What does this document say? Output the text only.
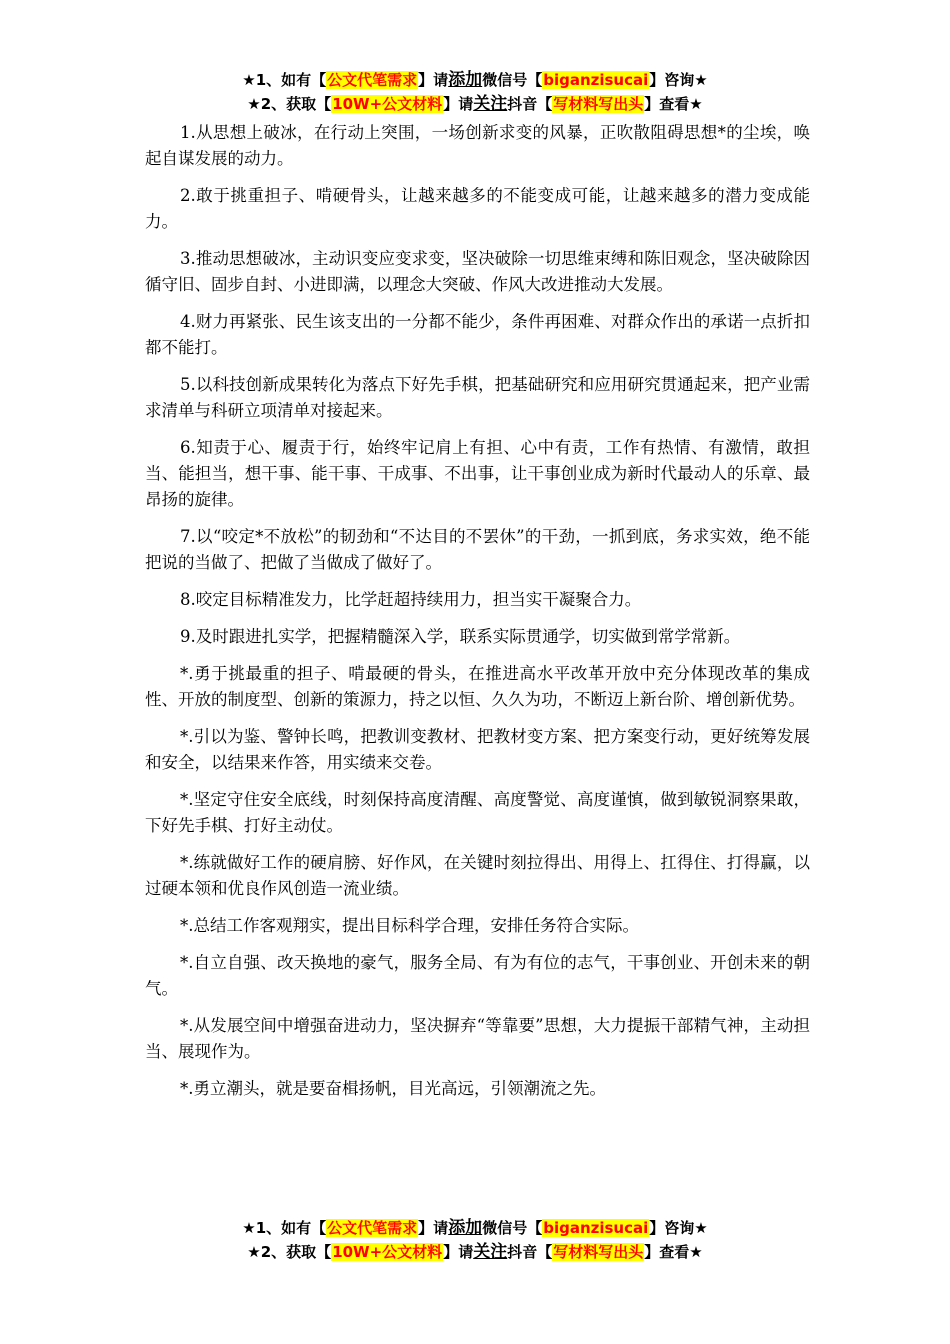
★1、如有【公文代笔需求】请添加微信号【biganzisucai】咨询★
★2、获取【10W+公文材料】请关注抖音【写材料写出头】查看★

1.从思想上破冰，在行动上突围，一场创新求变的风暴，正吹散阻碍思想*的尘埃，唤起自谋发展的动力。

2.敢于挑重担子、啃硬骨头，让越来越多的不能变成可能，让越来越多的潜力变成能力。

3.推动思想破冰，主动识变应变求变，坚决破除一切思维束缚和陈旧观念，坚决破除因循守旧、固步自封、小进即满，以理念大突破、作风大改进推动大发展。

4.财力再紧张、民生该支出的一分都不能少，条件再困难、对群众作出的承诺一点折扣都不能打。

5.以科技创新成果转化为落点下好先手棋，把基础研究和应用研究贯通起来，把产业需求清单与科研立项清单对接起来。

6.知责于心、履责于行，始终牢记肩上有担、心中有责，工作有热情、有激情，敢担当、能担当，想干事、能干事、干成事、不出事，让干事创业成为新时代最动人的乐章、最昂扬的旋律。

7.以“咬定*不放松”的韧劲和“不达目的不罢休”的干劲，一抓到底，务求实效，绝不能把说的当做了、把做了当做成了做好了。

8.咬定目标精准发力，比学赶超持续用力，担当实干凝聚合力。

9.及时跟进扎实学，把握精髓深入学，联系实际贯通学，切实做到常学常新。

*.勇于挑最重的担子、啃最硬的骨头，在推进高水平改革开放中充分体现改革的集成性、开放的制度型、创新的策源力，持之以恒、久久为功，不断迈上新台阶、增创新优势。

*.引以为鉴、警钟长鸣，把教训变教材、把教材变方案、把方案变行动，更好统筹发展和安全，以结果来作答，用实绩来交卷。

*.坚定守住安全底线，时刻保持高度清醒、高度警觉、高度谨慎，做到敏锐洞察果敢，下好先手棋、打好主动仗。

*.练就做好工作的硬肩膀、好作风，在关键时刻拉得出、用得上、扛得住、打得赢，以过硬本领和优良作风创造一流业绩。

*.总结工作客观翔实，提出目标科学合理，安排任务符合实际。

*.自立自强、改天换地的豪气，服务全局、有为有位的志气，干事创业、开创未来的朝气。

*.从发展空间中增强奋进动力，坚决摒弃“等靠要”思想，大力提振干部精气神，主动担当、展现作为。

*.勇立潮头，就是要奋楫扬帆，目光高远，引领潮流之先。

★1、如有【公文代笔需求】请添加微信号【biganzisucai】咨询★
★2、获取【10W+公文材料】请关注抖音【写材料写出头】查看★
